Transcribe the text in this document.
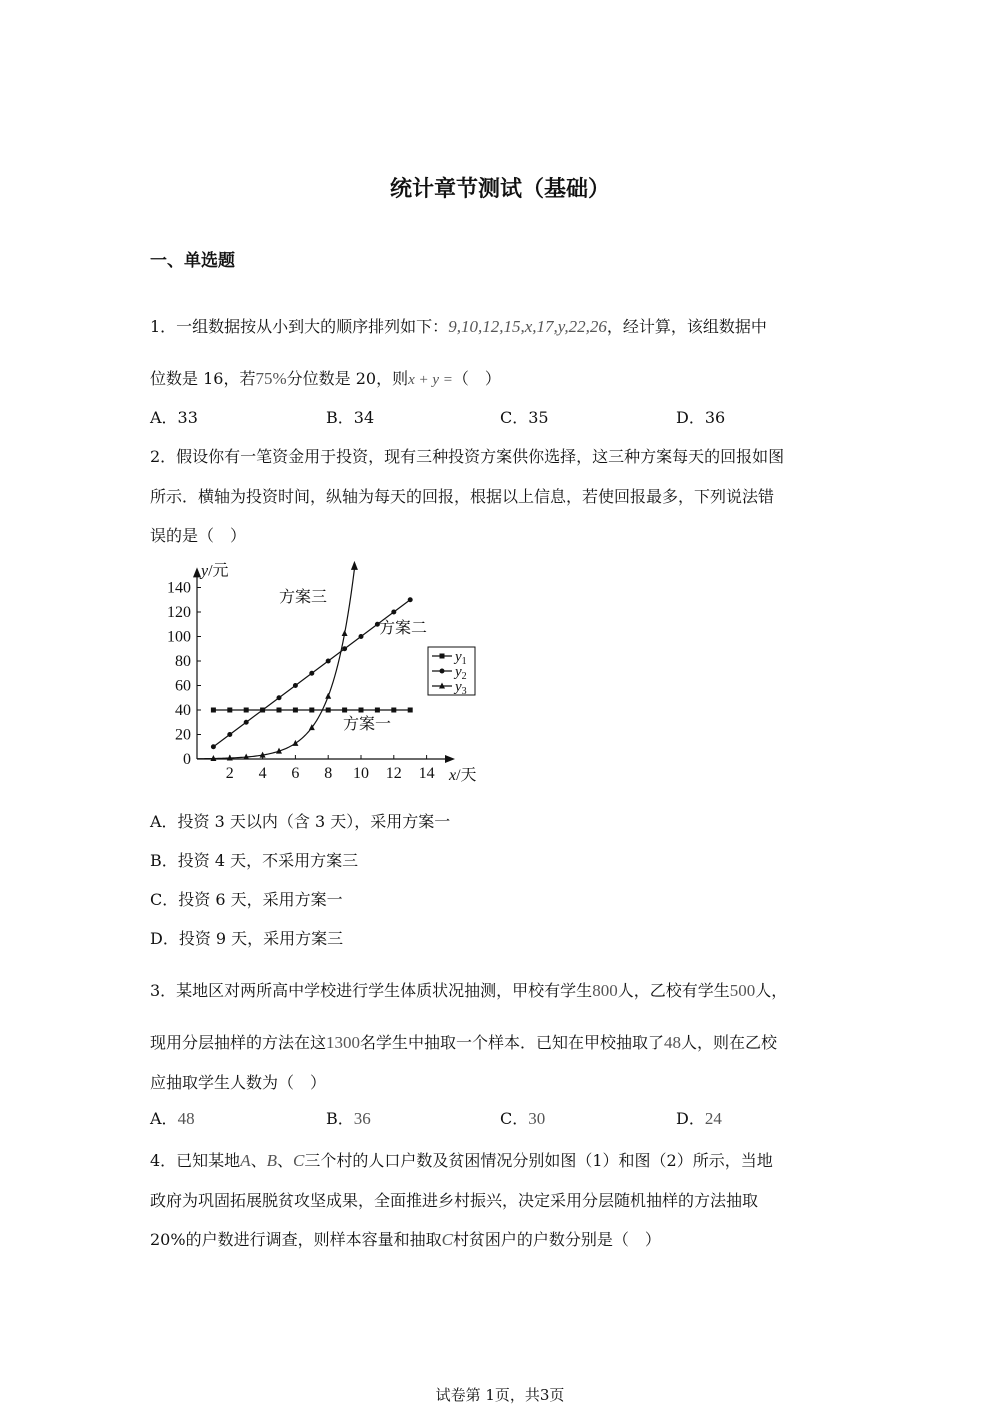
统计章节测试（基础）
一、单选题
1．一组数据按从小到大的顺序排列如下：9,10,12,15,x,17,y,22,26，经计算，该组数据中
位数是 16，若75%分位数是 20，则x + y =（　）
A．33	B．34	C．35	D．36
2．假设你有一笔资金用于投资，现有三种投资方案供你选择，这三种方案每天的回报如图
所示．横轴为投资时间，纵轴为每天的回报，根据以上信息，若使回报最多，下列说法错
误的是（　）
y/元
x/天
0
20
40
60
80
100
120
140
2 4 6 8 10 12 14
方案三
方案二
方案一
$y_1$
$y_2$
$y_3$
A．投资 3 天以内（含 3 天），采用方案一
B．投资 4 天，不采用方案三
C．投资 6 天，采用方案一
D．投资 9 天，采用方案三
3．某地区对两所高中学校进行学生体质状况抽测，甲校有学生800人，乙校有学生500人，
现用分层抽样的方法在这1300名学生中抽取一个样本．已知在甲校抽取了48人，则在乙校
应抽取学生人数为（　）
A．48	B．36	C．30	D．24
4．已知某地A、B、C三个村的人口户数及贫困情况分别如图（1）和图（2）所示，当地
政府为巩固拓展脱贫攻坚成果，全面推进乡村振兴，决定采用分层随机抽样的方法抽取
20%的户数进行调查，则样本容量和抽取C村贫困户的户数分别是（　）
试卷第 1页，共3页
